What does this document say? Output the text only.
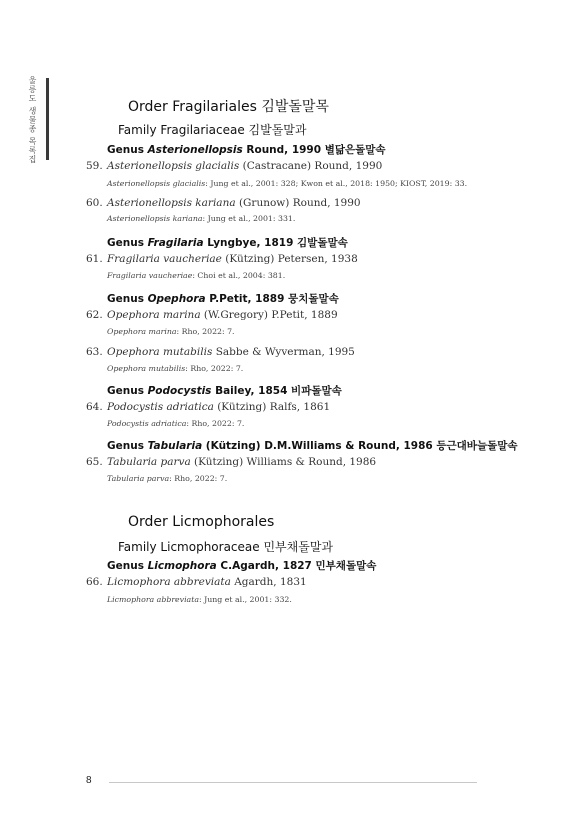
울릉도 생물종 목록집	Order Fragilariales 김발돌말목
Family Fragilariaceae 김발돌말과
Genus Asterionellopsis Round, 1990 별닮은돌말속
59. Asterionellopsis glacialis (Castracane) Round, 1990
Asterionellopsis glacialis: Jung et al., 2001: 328; Kwon et al., 2018: 1950; KIOST, 2019: 33.
60. Asterionellopsis kariana (Grunow) Round, 1990
Asterionellopsis kariana: Jung et al., 2001: 331.
Genus Fragilaria Lyngbye, 1819 김발돌말속
61. Fragilaria vaucheriae (Kützing) Petersen, 1938
Fragilaria vaucheriae: Choi et al., 2004: 381.
Genus Opephora P.Petit, 1889 뭉치돌말속
62. Opephora marina (W.Gregory) P.Petit, 1889
Opephora marina: Rho, 2022: 7.
63. Opephora mutabilis Sabbe & Wyverman, 1995
Opephora mutabilis: Rho, 2022: 7.
Genus Podocystis Bailey, 1854 비파돌말속
64. Podocystis adriatica (Kützing) Ralfs, 1861
Podocystis adriatica: Rho, 2022: 7.
Genus Tabularia (Kützing) D.M.Williams & Round, 1986 등근대바늘돌말속
65. Tabularia parva (Kützing) Williams & Round, 1986
Tabularia parva: Rho, 2022: 7.
Order Licmophorales
Family Licmophoraceae 민부채돌말과
Genus Licmophora C.Agardh, 1827 민부채돌말속
66. Licmophora abbreviata Agardh, 1831
Licmophora abbreviata: Jung et al., 2001: 332.
8
